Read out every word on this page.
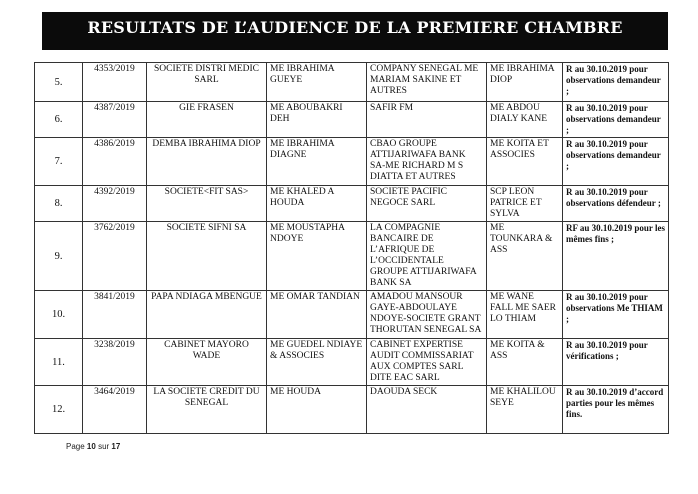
RESULTATS DE L’AUDIENCE DE LA PREMIERE CHAMBRE
5.	4353/2019	SOCIETE DISTRI MEDIC SARL	ME IBRAHIMA GUEYE	COMPANY SENEGAL ME MARIAM SAKINE ET AUTRES	ME IBRAHIMA DIOP	R au 30.10.2019 pour observations demandeur ;
6.	4387/2019	GIE FRASEN	ME ABOUBAKRI DEH	SAFIR FM	ME ABDOU DIALY KANE	R au 30.10.2019 pour observations demandeur ;
7.	4386/2019	DEMBA IBRAHIMA DIOP	ME IBRAHIMA DIAGNE	CBAO GROUPE ATTIJARIWAFA BANK SA-ME RICHARD M S DIATTA ET AUTRES	ME KOITA ET ASSOCIES	R au 30.10.2019 pour observations demandeur ;
8.	4392/2019	SOCIETE<FIT SAS>	ME KHALED A HOUDA	SOCIETE PACIFIC NEGOCE SARL	SCP LEON PATRICE ET SYLVA	R au 30.10.2019 pour observations défendeur ;
9.	3762/2019	SOCIETE SIFNI SA	ME MOUSTAPHA NDOYE	LA COMPAGNIE BANCAIRE DE L’AFRIQUE DE L’OCCIDENTALE GROUPE ATTIJARIWAFA BANK SA	ME TOUNKARA & ASS	RF au 30.10.2019 pour les mêmes fins ;
10.	3841/2019	PAPA NDIAGA MBENGUE	ME OMAR TANDIAN	AMADOU MANSOUR GAYE-ABDOULAYE NDOYE-SOCIETE GRANT THORUTAN SENEGAL SA	ME WANE FALL ME SAER LO THIAM	R au 30.10.2019 pour observations Me THIAM ;
11.	3238/2019	CABINET MAYORO WADE	ME GUEDEL NDIAYE & ASSOCIES	CABINET EXPERTISE AUDIT COMMISSARIAT AUX COMPTES SARL DITE EAC SARL	ME KOITA & ASS	R au 30.10.2019 pour vérifications ;
12.	3464/2019	LA SOCIETE CREDIT DU SENEGAL	ME HOUDA	DAOUDA SECK	ME KHALILOU SEYE	R au 30.10.2019 d’accord parties pour les mêmes fins.
Page 10 sur 17
